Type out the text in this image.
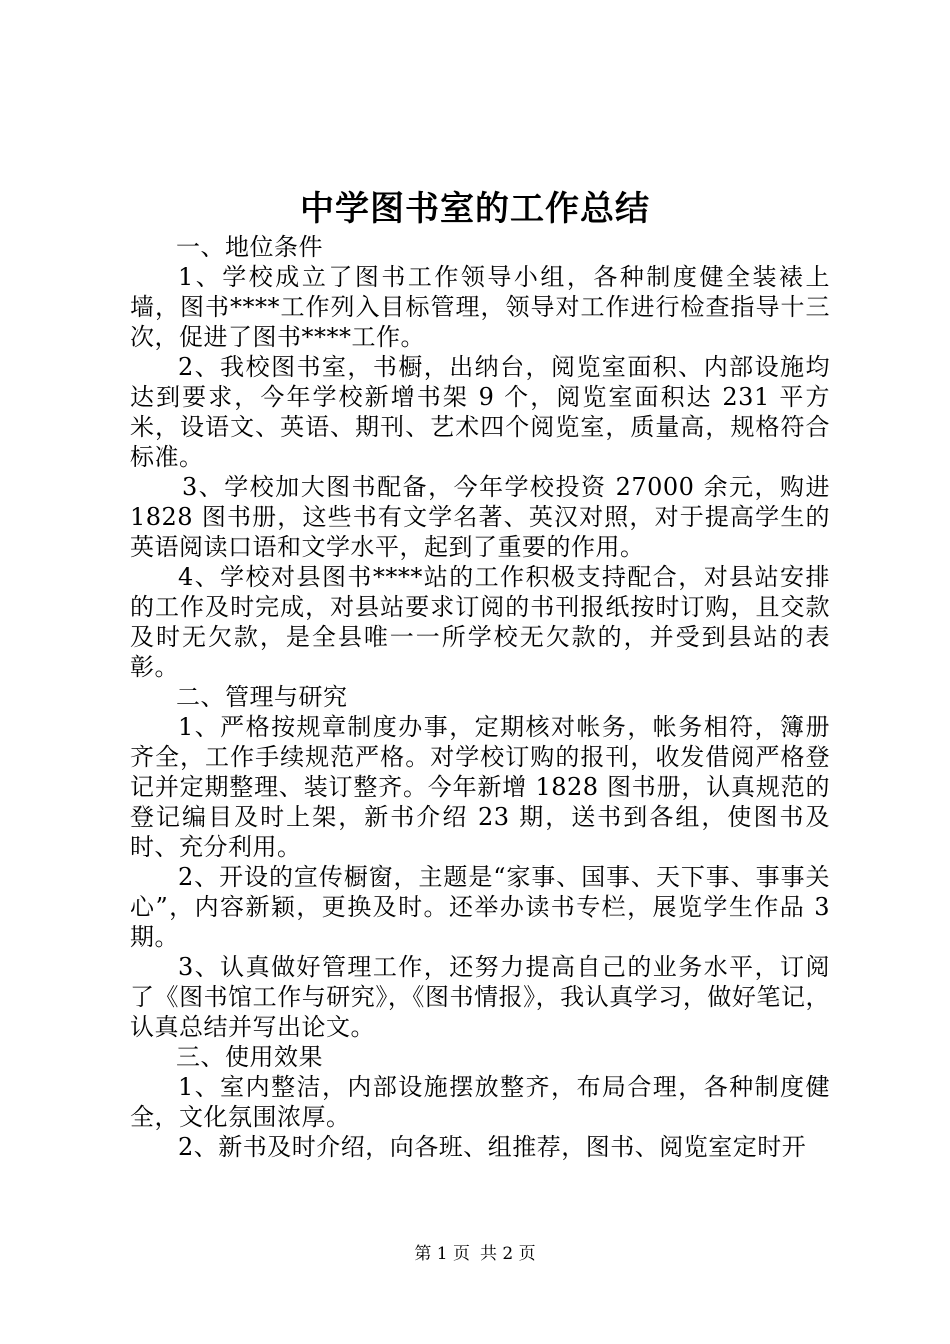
中学图书室的工作总结

一、地位条件

1、学校成立了图书工作领导小组，各种制度健全装裱上墙，图书****工作列入目标管理，领导对工作进行检查指导十三次，促进了图书****工作。

2、我校图书室，书橱，出纳台，阅览室面积、内部设施均达到要求，今年学校新增书架 9 个，阅览室面积达 231 平方米，设语文、英语、期刊、艺术四个阅览室，质量高，规格符合标准。

3、学校加大图书配备，今年学校投资 27000 余元，购进 1828 图书册，这些书有文学名著、英汉对照，对于提高学生的英语阅读口语和文学水平，起到了重要的作用。

4、学校对县图书****站的工作积极支持配合，对县站安排的工作及时完成，对县站要求订阅的书刊报纸按时订购，且交款及时无欠款，是全县唯一一所学校无欠款的，并受到县站的表彰。

二、管理与研究

1、严格按规章制度办事，定期核对帐务，帐务相符，簿册齐全，工作手续规范严格。对学校订购的报刊，收发借阅严格登记并定期整理、装订整齐。今年新增 1828 图书册，认真规范的登记编目及时上架，新书介绍 23 期，送书到各组，使图书及时、充分利用。

2、开设的宣传橱窗，主题是“家事、国事、天下事、事事关心”，内容新颖，更换及时。还举办读书专栏，展览学生作品 3 期。

3、认真做好管理工作，还努力提高自己的业务水平，订阅了《图书馆工作与研究》，《图书情报》，我认真学习，做好笔记，认真总结并写出论文。

三、使用效果

1、室内整洁，内部设施摆放整齐，布局合理，各种制度健全，文化氛围浓厚。

2、新书及时介绍，向各班、组推荐，图书、阅览室定时开

第 1 页 共 2 页
